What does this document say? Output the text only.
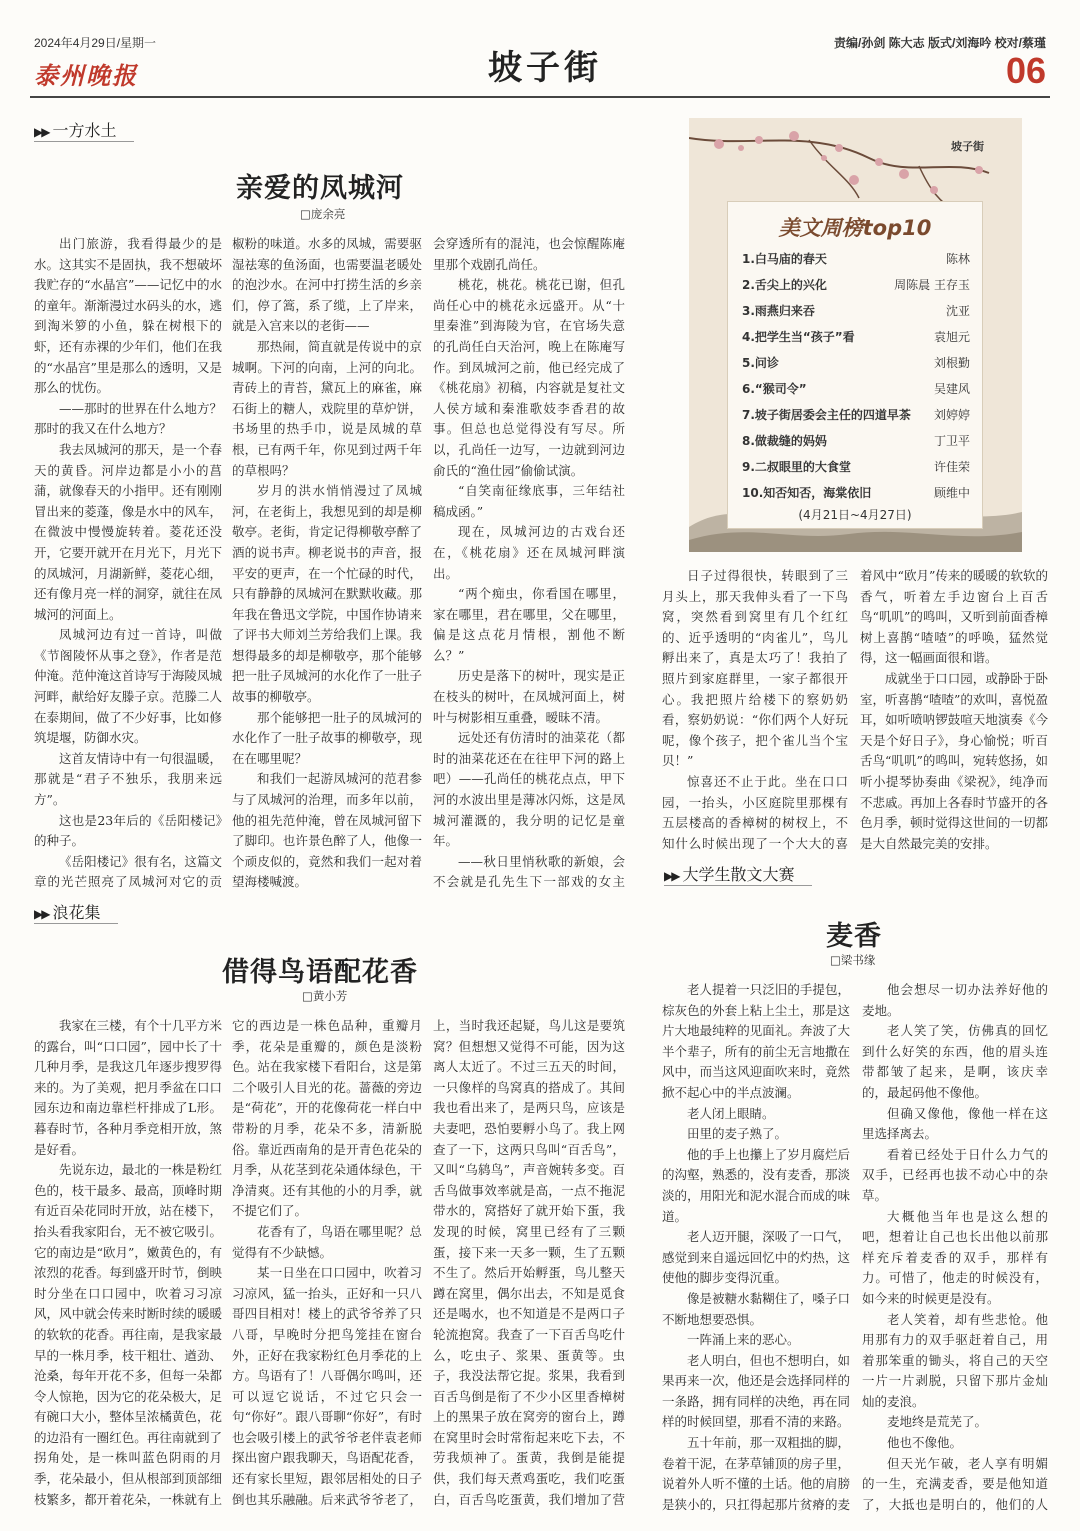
2024年4月29日/星期一
泰州晚报	坡子街
责编/孙剑 陈大志 版式/刘海吟 校对/蔡瑾
06
▶▶ 一方水土
亲爱的凤城河
□庞余亮

出门旅游，我看得最少的是水。这其实不是固执，我不想破坏我贮存的“水晶宫”——记忆中的水的童年。渐渐漫过水码头的水，逃到淘米箩的小鱼，躲在树根下的虾，还有赤裸的少年们，他们在我的“水晶宫”里是那么的透明，又是那么的忧伤。

——那时的世界在什么地方？那时的我又在什么地方？

我去凤城河的那天，是一个春天的黄昏。河岸边都是小小的菖蒲，就像春天的小指甲。还有刚刚冒出来的菱蓬，像是水中的风车，在微波中慢慢旋转着。菱花还没开，它要开就开在月光下，月光下的凤城河，月湖新鲜，菱花心细，还有像月亮一样的洞穿，就往在凤城河的河面上。

凤城河边有过一首诗，叫做《节阁陵怀从事之登》，作者是范仲淹。范仲淹这首诗写于海陵凤城河畔，献给好友滕子京。范滕二人在泰期间，做了不少好事，比如修筑堤堰，防御水灾。

这首友情诗中有一句很温暖，那就是“君子不独乐，我朋来远方”。

这也是23年后的《岳阳楼记》的种子。

《岳阳楼记》很有名，这篇文章的光芒照亮了凤城河对它的贡

椒粉的味道。水多的凤城，需要驱湿祛寒的鱼汤面，也需要温老暖处的泡沙水。在河中打捞生活的乡亲们，停了篙，系了缆，上了岸来，就是入宫来以的老街——

那热闹，简直就是传说中的京城啊。下河的向南，上河的向北。青砖上的青苔，黛瓦上的麻雀，麻石街上的糖人，戏院里的草炉饼，书场里的热手巾，说是凤城的草根，已有两千年，你见到过两千年的草根吗？

岁月的洪水悄悄漫过了凤城河，在老街上，我想见到的却是柳敬亭。老街，肯定记得柳敬亭醉了酒的说书声。柳老说书的声音，报平安的更声，在一个忙碌的时代，只有静静的凤城河在默默收藏。那年我在鲁迅文学院，中国作协请来了评书大师刘兰芳给我们上课。我想得最多的却是柳敬亭，那个能够把一肚子凤城河的水化作了一肚子故事的柳敬亭。

那个能够把一肚子的凤城河的水化作了一肚子故事的柳敬亭，现在在哪里呢？

和我们一起游凤城河的范君参与了凤城河的治理，而多年以前，他的祖先范仲淹，曾在凤城河留下了脚印。也许景色醉了人，他像一个顽皮似的，竟然和我们一起对着望海楼喊渡。

会穿透所有的混沌，也会惊醒陈庵里那个戏剧孔尚任。

桃花，桃花。桃花已谢，但孔尚任心中的桃花永远盛开。从“十里秦淮”到海陵为官，在官场失意的孔尚任白天治河，晚上在陈庵写作。到凤城河之前，他已经完成了《桃花扇》初稿，内容就是复社文人侯方域和秦淮歌妓李香君的故事。但总也总觉得没有写尽。所以，孔尚任一边写，一边就到河边俞氏的“渔仕园”偷偷试演。

“自笑南征缘底事，三年结社稿成函。”

现在，凤城河边的古戏台还在，《桃花扇》还在凤城河畔演出。

“两个痴虫，你看国在哪里，家在哪里，君在哪里，父在哪里，偏是这点花月情根，割他不断么？”

历史是落下的树叶，现实是正在枝头的树叶，在凤城河面上，树叶与树影相互重叠，暧昧不清。

远处还有仿清时的油菜花（都时的油菜花还在在往甲下河的路上吧）——孔尚任的桃花点点，甲下河的水波出里是薄冰闪烁，这是凤城河灌溉的，我分明的记忆是童年。

——秋日里悄秋歌的新娘，会不会就是孔先生下一部戏的女主

坡子街
美文周榜top10
1.白马庙的春天	陈林
2.舌尖上的兴化	周陈晨 王存玉
3.雨燕归来吞	沈亚
4.把学生当“孩子”看	袁旭元
5.问诊	刘根勤
6.“猴司令”	吴建风
7.坡子街居委会主任的四道早茶 刘婷婷
8.做裁缝的妈妈	丁卫平
9.二叔眼里的大食堂	许佳荣
10.知否知否，海棠依旧	顾维中
(4月21日~4月27日)
▶▶ 浪花集
借得鸟语配花香
□黄小芳

我家在三楼，有个十几平方米的露台，叫“口口园”，园中长了十几种月季，是我这几年逐步搜罗得来的。为了美观，把月季盆在口口园东边和南边靠栏杆排成了L形。暮春时节，各种月季竞相开放，煞是好看。

先说东边，最北的一株是粉红色的，枝干最多、最高，顶峰时期有近百朵花同时开放，站在楼下，抬头看我家阳台，无不被它吸引。它的南边是“欧月”，嫩黄色的，有浓烈的花香。每到盛开时节，倒映时分坐在口口园中，吹着习习凉风，风中就会传来时断时续的暖暖的软软的花香。再往南，是我家最早的一株月季，枝干粗壮、遒劲、沧桑，每年开花不多，但每一朵都令人惊艳，因为它的花朵极大，足有碗口大小，整体呈浓橘黄色，花的边沿有一圈红色。再往南就到了拐角处，是一株叫蓝色阴雨的月季，花朵最小，但从根部到顶部细枝繁多，都开着花朵，一株就有上

它的西边是一株色品种，重瓣月季，花朵是重瓣的，颜色是淡粉色。站在我家楼下看阳台，这是第二个吸引人目光的花。蔷薇的旁边是“荷花”，开的花像荷花一样白中带粉的月季，花朵不多，清新脱俗。靠近西南角的是开青色花朵的月季，从花茎到花朵通体绿色，干净清爽。还有其他的小的月季，就不提它们了。

花香有了，鸟语在哪里呢？总觉得有不少缺憾。

某一日坐在口口园中，吹着习习凉风，猛一抬头，正好和一只八哥四目相对！楼上的武爷爷养了只八哥，早晚时分把鸟笼挂在窗台外，正好在我家粉红色月季花的上方。鸟语有了！八哥偶尔鸣叫，还可以逗它说话，不过它只会一句“你好”。跟八哥聊“你好”，有时也会吸引楼上的武爷爷老伴袁老师探出窗户跟我聊天，鸟语配花香，还有家长里短，跟邻居相处的日子倒也其乐融融。后来武爷爷老了，

上，当时我还起疑，鸟儿这是要筑窝？但想想又觉得不可能，因为这离人太近了。不过三五天的时间，一只像样的鸟窝真的搭成了。其间我也看出来了，是两只鸟，应该是夫妻吧，恐怕要孵小鸟了。我上网查了一下，这两只鸟叫“百舌鸟”，又叫“乌鸫鸟”，声音婉转多变。百舌鸟做事效率就是高，一点不拖泥带水的，窝搭好了就开始下蛋，我发现的时候，窝里已经有了三颗蛋，接下来一天多一颗，生了五颗不生了。然后开始孵蛋，鸟儿整天蹲在窝里，偶尔出去，不知是觅食还是喝水，也不知道是不是两口子轮流抱窝。我查了一下百舌鸟吃什么，吃虫子、浆果、蛋黄等。虫子，我没法帮它捉。浆果，我看到百舌鸟倒是衔了不少小区里香樟树上的黑果子放在窝旁的窗台上，蹲在窝里时会时常衔起来吃下去，不劳我烦神了。蛋黄，我倒是能提供，我们每天煮鸡蛋吃，我们吃蛋白，百舌鸟吃蛋黄，我们增加了营

日子过得很快，转眼到了三月头上，那天我伸头看了一下鸟窝，突然看到窝里有几个红红的、近乎透明的“肉雀儿”，鸟儿孵出来了，真是太巧了！我拍了照片到家庭群里，一家子都很开心。我把照片给楼下的察奶奶看，察奶奶说：“你们两个人好玩呢，像个孩子，把个雀儿当个宝贝！”

惊喜还不止于此。坐在口口园，一抬头，小区庭院里那棵有五层楼高的香樟树的树杈上，不知什么时候出现了一个大大的喜

着风中“欧月”传来的暖暖的软软的香气，听着左手边窗台上百舌鸟“叽叽”的鸣叫，又听到前面香樟树上喜鹊“喳喳”的呼唤，猛然觉得，这一幅画面很和谐。

成就坐于口口园，或静卧于卧室，听喜鹊“喳喳”的欢叫，喜悦盈耳，如听喷呐锣鼓喧天地演奏《今天是个好日子》，身心愉悦；听百舌鸟“叽叽”的鸣叫，宛转悠扬，如听小提琴协奏曲《梁祝》，纯净而不悲戚。再加上各春时节盛开的各色月季，顿时觉得这世间的一切都是大自然最完美的安排。

▶▶ 大学生散文大赛
麦香
□梁书缘

老人提着一只泛旧的手提包，棕灰色的外套上粘上尘土，那是这片大地最纯粹的见面礼。奔波了大半个辈子，所有的前尘无言地撒在风中，而当这风迎面吹来时，竟然掀不起心中的半点波澜。

老人闭上眼睛。

田里的麦子熟了。

他的手上也攥上了岁月腐烂后的沟壑，熟悉的，没有麦香，那淡淡的，用阳光和泥水混合而成的味道。

老人迈开腿，深吸了一口气，感觉到来自遥远回忆中的灼热，这使他的脚步变得沉重。

像是被糖水黏糊住了，嗓子口不断地想要恐惧。

一阵涌上来的恶心。

老人明白，但也不想明白，如果再来一次，他还是会选择同样的一条路，拥有同样的决绝，再在同样的时候回望，那看不清的来路。

五十年前，那一双粗拙的脚，卷着干泥，在茅草铺顶的房子里，说着外人听不懂的土话。他的肩膀是狭小的，只扛得起那片贫瘠的麦

他会想尽一切办法养好他的麦地。

老人笑了笑，仿佛真的回忆到什么好笑的东西，他的眉头连带都皱了起来，是啊，该庆幸的，最起码他不像他。

但确又像他，像他一样在这里选择离去。

看着已经处于日什么力气的双手，已经再也拔不动心中的杂草。

大概他当年也是这么想的吧，想着让自己也长出他以前那样充斥着麦香的双手，那样有力。可惜了，他走的时候没有，如今来的时候更是没有。

老人笑着，却有些悲怆。他用那有力的双手驱赶着自己，用着那笨重的锄头，将自己的天空一片一片剥脱，只留下那片金灿灿的麦浪。

麦地终是荒芜了。

他也不像他。

但天光乍破，老人享有明媚的一生，充满麦香，要是他知道了，大抵也是明白的，他们的人
